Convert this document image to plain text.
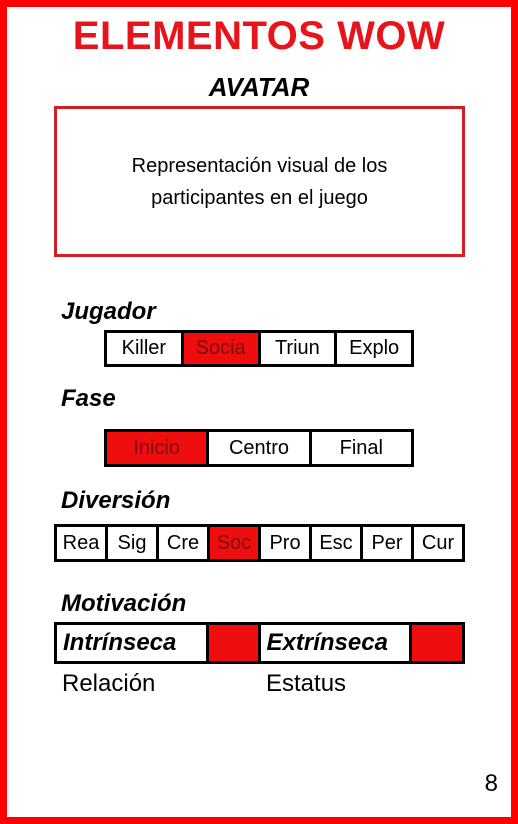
ELEMENTOS WOW
AVATAR
Representación visual de los participantes en el juego
Jugador
Killer	Socia	Triun	Explo
Fase
Inicio	Centro	Final
Diversión
Rea Sig	Cre Soc Pro Esc Per Cur
Motivación
Intrínseca	Extrínseca
Relación	Estatus
8
